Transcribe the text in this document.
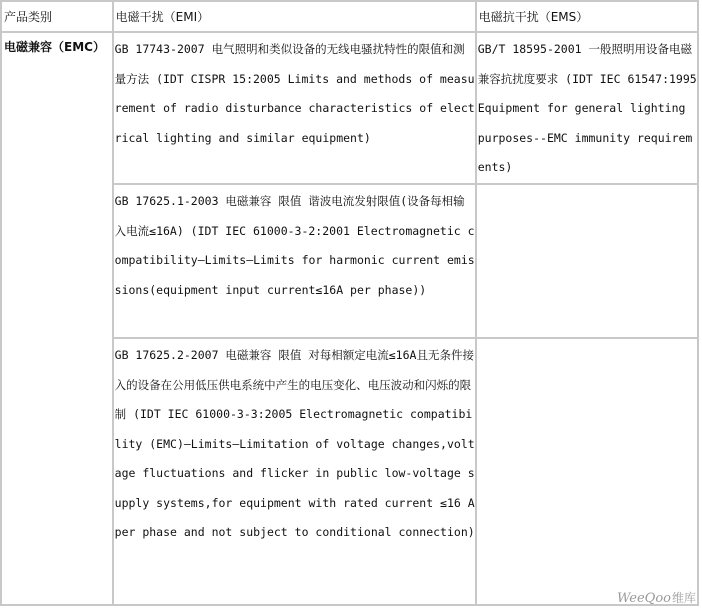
产品类别	电磁干扰（EMI）	电磁抗干扰（EMS）
电磁兼容（EMC）	GB 17743-2007 电气照明和类似设备的无线电骚扰特性的限值和测量方法 (IDT CISPR 15:2005 Limits and methods of measurement of radio disturbance characteristics of electrical lighting and similar equipment)	GB/T 18595-2001 一般照明用设备电磁兼容抗扰度要求 (IDT IEC 61547:1995 Equipment for general lighting purposes--EMC immunity requirements)

	GB 17625.1-2003 电磁兼容 限值 谐波电流发射限值(设备每相输入电流≤16A) (IDT IEC 61000-3-2:2001 Electromagnetic compatibility—Limits—Limits for harmonic current emissions(equipment input current≤16A per phase))	

	GB 17625.2-2007 电磁兼容 限值 对每相额定电流≤16A且无条件接入的设备在公用低压供电系统中产生的电压变化、电压波动和闪烁的限制 (IDT IEC 61000-3-3:2005 Electromagnetic compatibility (EMC)—Limits—Limitation of voltage changes,voltage fluctuations and flicker in public low-voltage supply systems,for equipment with rated current ≤16 A per phase and not subject to conditional connection)	

WeeQoo维库
